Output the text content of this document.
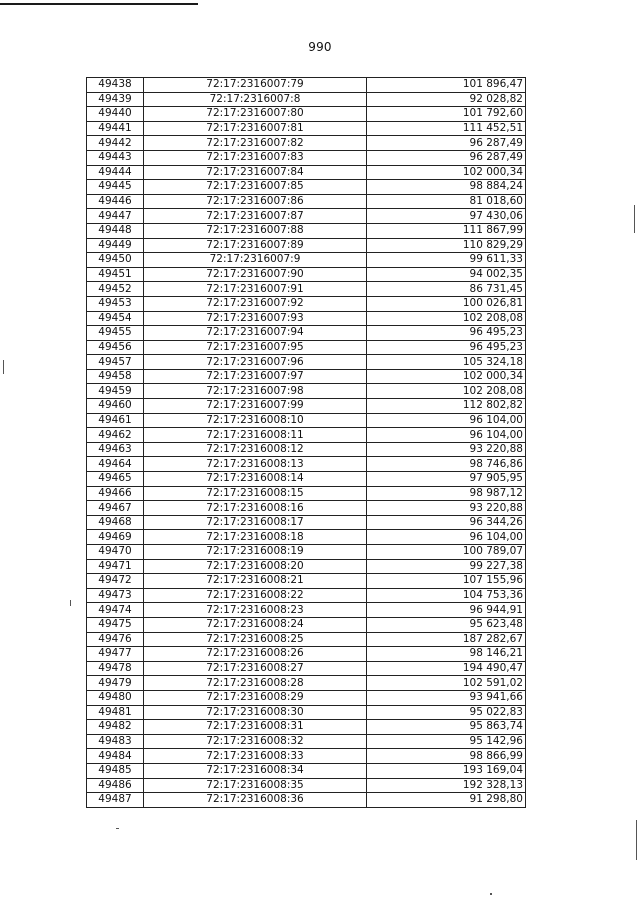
990
49438	72:17:2316007:79	101 896,47
49439	72:17:2316007:8	92 028,82
49440	72:17:2316007:80	101 792,60
49441	72:17:2316007:81	111 452,51
49442	72:17:2316007:82	96 287,49
49443	72:17:2316007:83	96 287,49
49444	72:17:2316007:84	102 000,34
49445	72:17:2316007:85	98 884,24
49446	72:17:2316007:86	81 018,60
49447	72:17:2316007:87	97 430,06
49448	72:17:2316007:88	111 867,99
49449	72:17:2316007:89	110 829,29
49450	72:17:2316007:9	99 611,33
49451	72:17:2316007:90	94 002,35
49452	72:17:2316007:91	86 731,45
49453	72:17:2316007:92	100 026,81
49454	72:17:2316007:93	102 208,08
49455	72:17:2316007:94	96 495,23
49456	72:17:2316007:95	96 495,23
49457	72:17:2316007:96	105 324,18
49458	72:17:2316007:97	102 000,34
49459	72:17:2316007:98	102 208,08
49460	72:17:2316007:99	112 802,82
49461	72:17:2316008:10	96 104,00
49462	72:17:2316008:11	96 104,00
49463	72:17:2316008:12	93 220,88
49464	72:17:2316008:13	98 746,86
49465	72:17:2316008:14	97 905,95
49466	72:17:2316008:15	98 987,12
49467	72:17:2316008:16	93 220,88
49468	72:17:2316008:17	96 344,26
49469	72:17:2316008:18	96 104,00
49470	72:17:2316008:19	100 789,07
49471	72:17:2316008:20	99 227,38
49472	72:17:2316008:21	107 155,96
49473	72:17:2316008:22	104 753,36
49474	72:17:2316008:23	96 944,91
49475	72:17:2316008:24	95 623,48
49476	72:17:2316008:25	187 282,67
49477	72:17:2316008:26	98 146,21
49478	72:17:2316008:27	194 490,47
49479	72:17:2316008:28	102 591,02
49480	72:17:2316008:29	93 941,66
49481	72:17:2316008:30	95 022,83
49482	72:17:2316008:31	95 863,74
49483	72:17:2316008:32	95 142,96
49484	72:17:2316008:33	98 866,99
49485	72:17:2316008:34	193 169,04
49486	72:17:2316008:35	192 328,13
49487	72:17:2316008:36	91 298,80
